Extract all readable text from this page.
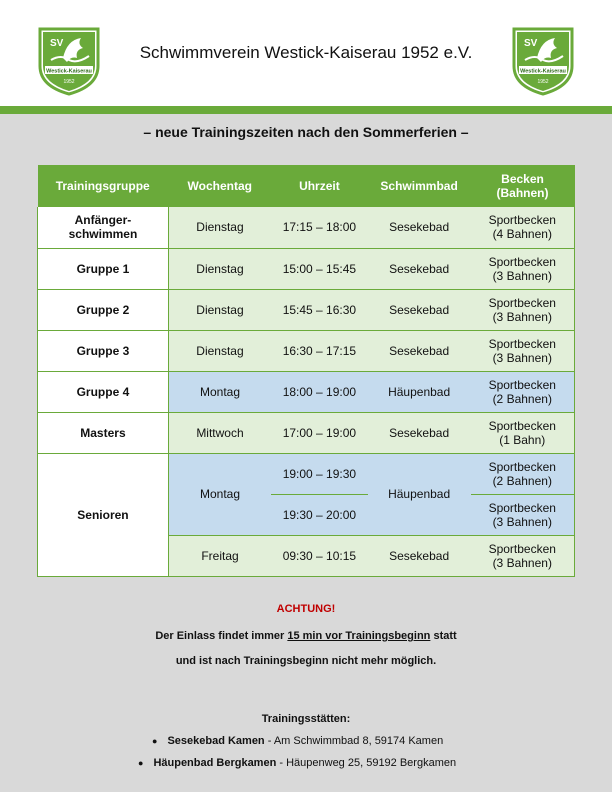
SV
Westick-Kaiserau
1952
Schwimmverein Westick-Kaiserau 1952 e.V.	SV
Westick-Kaiserau
1952
– neue Trainingszeiten nach den Sommerferien –
Trainingsgruppe	Wochentag	Uhrzeit	Schwimmbad	Becken (Bahnen)
Anfänger-schwimmen	Dienstag	17:15 – 18:00	Sesekebad	Sportbecken (4 Bahnen)
Gruppe 1	Dienstag	15:00 – 15:45	Sesekebad	Sportbecken (3 Bahnen)
Gruppe 2	Dienstag	15:45 – 16:30	Sesekebad	Sportbecken (3 Bahnen)
Gruppe 3	Dienstag	16:30 – 17:15	Sesekebad	Sportbecken (3 Bahnen)
Gruppe 4	Montag	18:00 – 19:00	Häupenbad	Sportbecken (2 Bahnen)
Masters	Mittwoch	17:00 – 19:00	Sesekebad	Sportbecken (1 Bahn)
Senioren	Montag	19:00 – 19:30	Häupenbad	Sportbecken (2 Bahnen)
		19:30 – 20:00		Sportbecken (3 Bahnen)
	Freitag	09:30 – 10:15	Sesekebad	Sportbecken (3 Bahnen)
ACHTUNG!
Der Einlass findet immer 15 min vor Trainingsbeginn statt
und ist nach Trainingsbeginn nicht mehr möglich.
Trainingsstätten:
● Sesekebad Kamen - Am Schwimmbad 8, 59174 Kamen
● Häupenbad Bergkamen - Häupenweg 25, 59192 Bergkamen
